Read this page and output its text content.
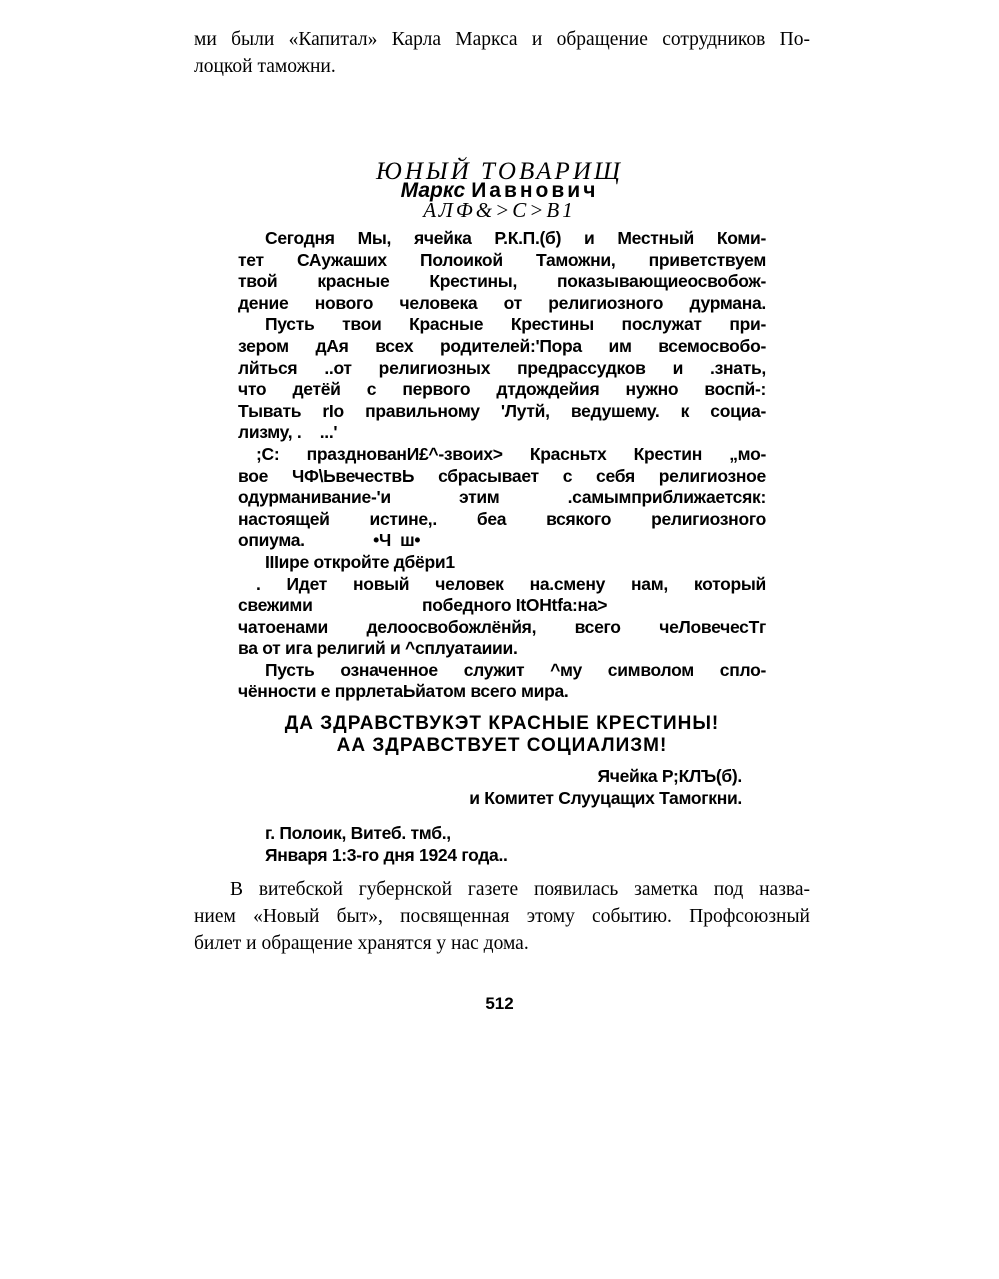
ми были «Капитал» Карла Маркса и обращение сотрудников По-
лоцкой таможни.
ЮНЫЙ ТОВАРИЩ
Маркс Иавнович
АЛФ&>С>В1
Сегодня Мы, ячейка Р.К.П.(б) и Местный Коми-
тет САужаших Полоикой Таможни, приветствуем
твой красные Крестины, показывающиеосвобож-
дение нового человека от религиозного дурмана.
Пусть твои Красные Крестины послужат при-
зером дАя всех родителей:'Пора им всемосвобо-
лйться ..от религиозных предрассудков и .знать,
что детёй с первого дтдождейия нужно воспй-:
Тывать rIо правильному 'Лутй, ведушему. к социа-
лизму, .    ...'
;С: празднованИ£^-звоих> Красньтх Крестин „мо-
вое ЧФ\ЬвечествЬ сбрасывает с себя религиозное
одурманивание-'и этим .самымприближаетсяк:
настоящей истине,. беа всякого религиозного
опиума.               •Ч  ш•
IIIире откройте дбёри1
. Идет новый человек на.смену нам, который
свежими                        победного ItOHtfa:на>
чатоенами делоосвобожлёнйя, всего чеЛовечесТг
ва от ига религий и ^сплуатаиии.
Пусть означенное служит ^му символом спло-
чённости е пррлетаЬйатом всего мира.
ДА ЗДРАВСТВУКЭТ КРАСНЫЕ КРЕСТИНЫ!
АА ЗДРАВСТВУЕТ СОЦИАЛИЗМ!
Ячейка Р;КЛЪ(б).
и Комитет Слууцащих Тамогкни.
г. Полоик, Витеб. тмб.,
Января 1:3-го дня 1924 года..
В витебской губернской газете появилась заметка под назва-
нием «Новый быт», посвященная этому событию. Профсоюзный
билет и обращение хранятся у нас дома.
512
